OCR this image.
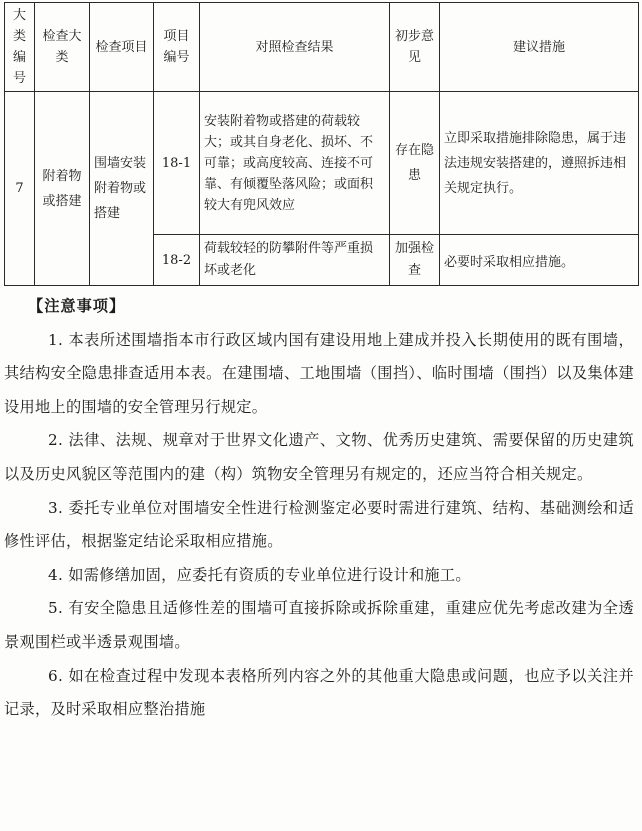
大类编号	检查大类	检查项目	项目编号	对照检查结果	初步意见	建议措施
7	附着物或搭建	围墙安装附着物或搭建	18-1	安装附着物或搭建的荷载较大；或其自身老化、损坏、不可靠；或高度较高、连接不可靠、有倾覆坠落风险；或面积较大有兜风效应	存在隐患	立即采取措施排除隐患，属于违法违规安装搭建的，遵照拆违相关规定执行。
			18-2	荷载较轻的防攀附件等严重损坏或老化	加强检查	必要时采取相应措施。
【注意事项】
1. 本表所述围墙指本市行政区域内国有建设用地上建成并投入长期使用的既有围墙，其结构安全隐患排查适用本表。在建围墙、工地围墙（围挡）、临时围墙（围挡）以及集体建设用地上的围墙的安全管理另行规定。
2. 法律、法规、规章对于世界文化遗产、文物、优秀历史建筑、需要保留的历史建筑以及历史风貌区等范围内的建（构）筑物安全管理另有规定的，还应当符合相关规定。
3. 委托专业单位对围墙安全性进行检测鉴定必要时需进行建筑、结构、基础测绘和适修性评估，根据鉴定结论采取相应措施。
4. 如需修缮加固，应委托有资质的专业单位进行设计和施工。
5. 有安全隐患且适修性差的围墙可直接拆除或拆除重建，重建应优先考虑改建为全透景观围栏或半透景观围墙。
6. 如在检查过程中发现本表格所列内容之外的其他重大隐患或问题，也应予以关注并记录，及时采取相应整治措施
